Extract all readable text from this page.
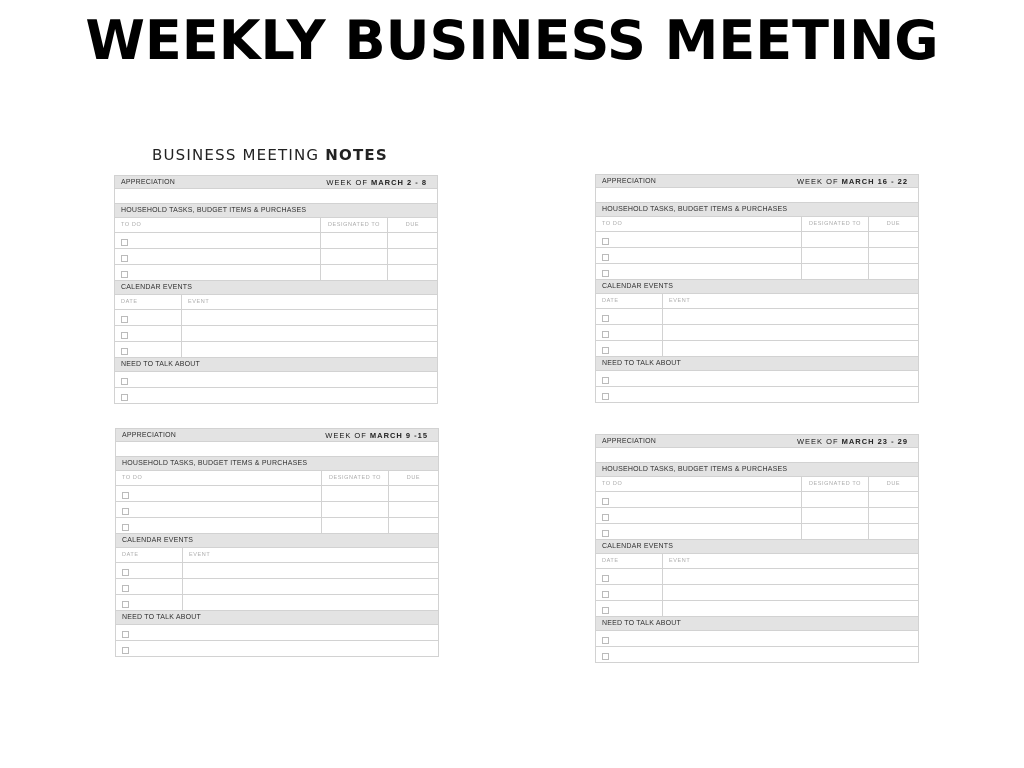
WEEKLY BUSINESS MEETING
BUSINESS MEETING NOTES
APPRECIATION	WEEK OF MARCH 2 - 8
HOUSEHOLD TASKS, BUDGET ITEMS & PURCHASES
TO DO	DESIGNATED TO	DUE
CALENDAR EVENTS
DATE	EVENT
NEED TO TALK ABOUT
APPRECIATION	WEEK OF MARCH 16 - 22
HOUSEHOLD TASKS, BUDGET ITEMS & PURCHASES
TO DO	DESIGNATED TO	DUE
CALENDAR EVENTS
DATE	EVENT
NEED TO TALK ABOUT
APPRECIATION	WEEK OF MARCH 9 -15
HOUSEHOLD TASKS, BUDGET ITEMS & PURCHASES
TO DO	DESIGNATED TO	DUE
CALENDAR EVENTS
DATE	EVENT
NEED TO TALK ABOUT
APPRECIATION	WEEK OF MARCH 23 - 29
HOUSEHOLD TASKS, BUDGET ITEMS & PURCHASES
TO DO	DESIGNATED TO	DUE
CALENDAR EVENTS
DATE	EVENT
NEED TO TALK ABOUT
